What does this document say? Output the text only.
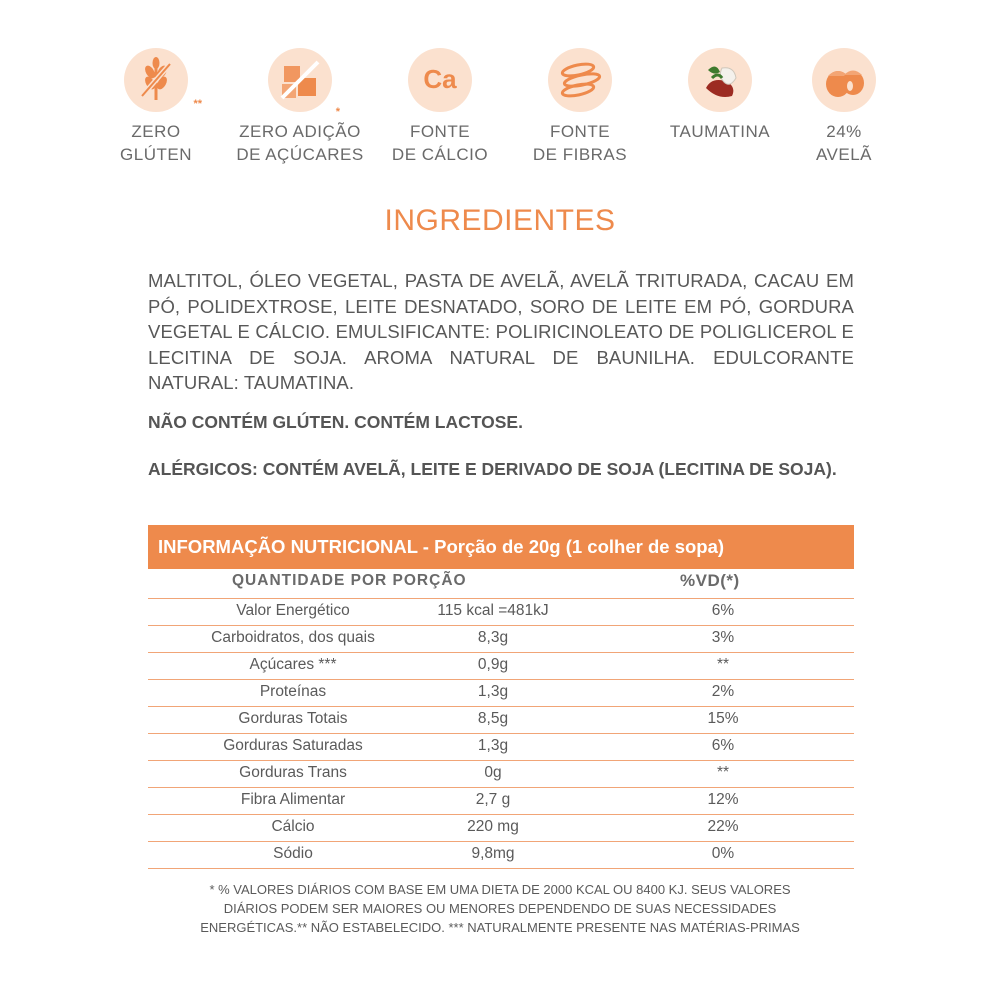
**
ZERO
GLÚTEN
*
ZERO ADIÇÃO
DE AÇÚCARES
Ca
FONTE
DE CÁLCIO
FONTE
DE FIBRAS
TAUMATINA	24%
AVELÃ
INGREDIENTES
MALTITOL, ÓLEO VEGETAL, PASTA DE AVELÃ, AVELÃ TRITURADA, CACAU EM PÓ, POLIDEXTROSE, LEITE DESNATADO, SORO DE LEITE EM PÓ, GORDURA VEGETAL E CÁLCIO. EMULSIFICANTE: POLIRICINOLEATO DE POLIGLICEROL E LECITINA DE SOJA. AROMA NATURAL DE BAUNILHA. EDULCORANTE NATURAL: TAUMATINA.
NÃO CONTÉM GLÚTEN. CONTÉM LACTOSE.
ALÉRGICOS: CONTÉM AVELÃ, LEITE E DERIVADO DE SOJA (LECITINA DE SOJA).
INFORMAÇÃO NUTRICIONAL - Porção de 20g (1 colher de sopa)
QUANTIDADE POR PORÇÃO	%VD(*)
Valor Energético	115 kcal =481kJ	6%
Carboidratos, dos quais	8,3g	3%
Açúcares ***	0,9g	**
Proteínas	1,3g	2%
Gorduras Totais	8,5g	15%
Gorduras Saturadas	1,3g	6%
Gorduras Trans	0g	**
Fibra Alimentar	2,7 g	12%
Cálcio	220 mg	22%
Sódio	9,8mg	0%
* % VALORES DIÁRIOS COM BASE EM UMA DIETA DE 2000 KCAL OU 8400 KJ. SEUS VALORES
DIÁRIOS PODEM SER MAIORES OU MENORES DEPENDENDO DE SUAS NECESSIDADES
ENERGÉTICAS.** NÃO ESTABELECIDO. *** NATURALMENTE PRESENTE NAS MATÉRIAS-PRIMAS
